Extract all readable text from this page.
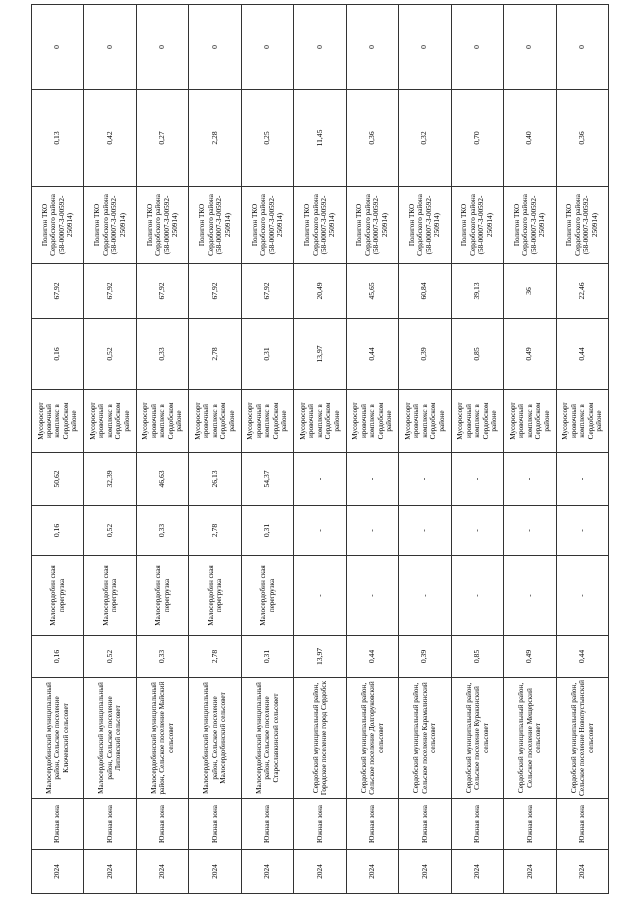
2024	Южная зона	Малосердобинский муниципальный район, Сельское поселение Ключевский сельсовет	0,16	Малосердобин ская перегрузка	0,16	50,62	Мусоросорт ировочный комплекс в Сердобском районе	0,16	67,92	Полигон ТКО Сердобского района (58-00007-З-00592-250914)	0,13	0
2024	Южная зона	Малосердобинский муниципальный район, Сельское поселение Липовский сельсовет	0,52	Малосердобин ская перегрузка	0,52	32,39	Мусоросорт ировочный комплекс в Сердобском районе	0,52	67,92	Полигон ТКО Сердобского района (58-00007-З-00592-250914)	0,42	0
2024	Южная зона	Малосердобинский муниципальный район, Сельское поселение Майский сельсовет	0,33	Малосердобин ская перегрузка	0,33	46,63	Мусоросорт ировочный комплекс в Сердобском районе	0,33	67,92	Полигон ТКО Сердобского района (58-00007-З-00592-250914)	0,27	0
2024	Южная зона	Малосердобинский муниципальный район, Сельское поселение Малосердобинский сельсовет	2,78	Малосердобин ская перегрузка	2,78	26,13	Мусоросорт ировочный комплекс в Сердобском районе	2,78	67,92	Полигон ТКО Сердобского района (58-00007-З-00592-250914)	2,28	0
2024	Южная зона	Малосердобинский муниципальный район, Сельское поселение Старославкинский сельсовет	0,31	Малосердобин ская перегрузка	0,31	54,37	Мусоросорт ировочный комплекс в Сердобском районе	0,31	67,92	Полигон ТКО Сердобского района (58-00007-З-00592-250914)	0,25	0
2024	Южная зона	Сердобский муниципальный район, Городское поселение город Сердобск	13,97	-	-	-	Мусоросорт ировочный комплекс в Сердобском районе	13,97	20,49	Полигон ТКО Сердобского района (58-00007-З-00592-250914)	11,45	0
2024	Южная зона	Сердобский муниципальный район, Сельское поселение Долгоруковский сельсовет	0,44	-	-	-	Мусоросорт ировочный комплекс в Сердобском районе	0,44	45,65	Полигон ТКО Сердобского района (58-00007-З-00592-250914)	0,36	0
2024	Южная зона	Сердобский муниципальный район, Сельское поселение Карамалинский сельсовет	0,39	-	-	-	Мусоросорт ировочный комплекс в Сердобском районе	0,39	60,84	Полигон ТКО Сердобского района (58-00007-З-00592-250914)	0,32	0
2024	Южная зона	Сердобский муниципальный район, Сельское поселение Куракинский сельсовет	0,85	-	-	-	Мусоросорт ировочный комплекс в Сердобском районе	0,85	39,13	Полигон ТКО Сердобского района (58-00007-З-00592-250914)	0,70	0
2024	Южная зона	Сердобский муниципальный район, Сельское поселение Мещерский сельсовет	0,49	-	-	-	Мусоросорт ировочный комплекс в Сердобском районе	0,49	36	Полигон ТКО Сердобского района (58-00007-З-00592-250914)	0,40	0
2024	Южная зона	Сердобский муниципальный район, Сельское поселение Новопустынский сельсовет	0,44	-	-	-	Мусоросорт ировочный комплекс в Сердобском районе	0,44	22,46	Полигон ТКО Сердобского района (58-00007-З-00592-250914)	0,36	0
